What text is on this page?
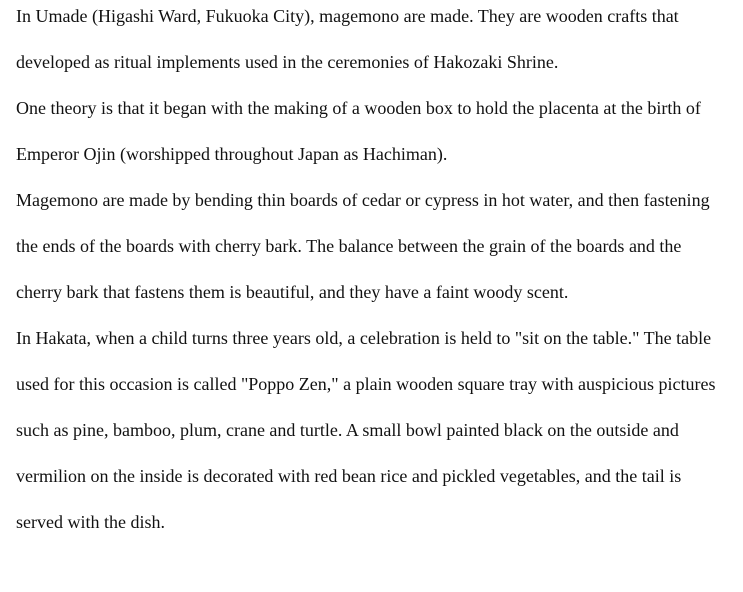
In Umade (Higashi Ward, Fukuoka City), magemono are made. They are wooden crafts that developed as ritual implements used in the ceremonies of Hakozaki Shrine.

One theory is that it began with the making of a wooden box to hold the placenta at the birth of Emperor Ojin (worshipped throughout Japan as Hachiman).

Magemono are made by bending thin boards of cedar or cypress in hot water, and then fastening the ends of the boards with cherry bark. The balance between the grain of the boards and the cherry bark that fastens them is beautiful, and they have a faint woody scent.

In Hakata, when a child turns three years old, a celebration is held to "sit on the table." The table used for this occasion is called "Poppo Zen," a plain wooden square tray with auspicious pictures such as pine, bamboo, plum, crane and turtle. A small bowl painted black on the outside and vermilion on the inside is decorated with red bean rice and pickled vegetables, and the tail is served with the dish.
